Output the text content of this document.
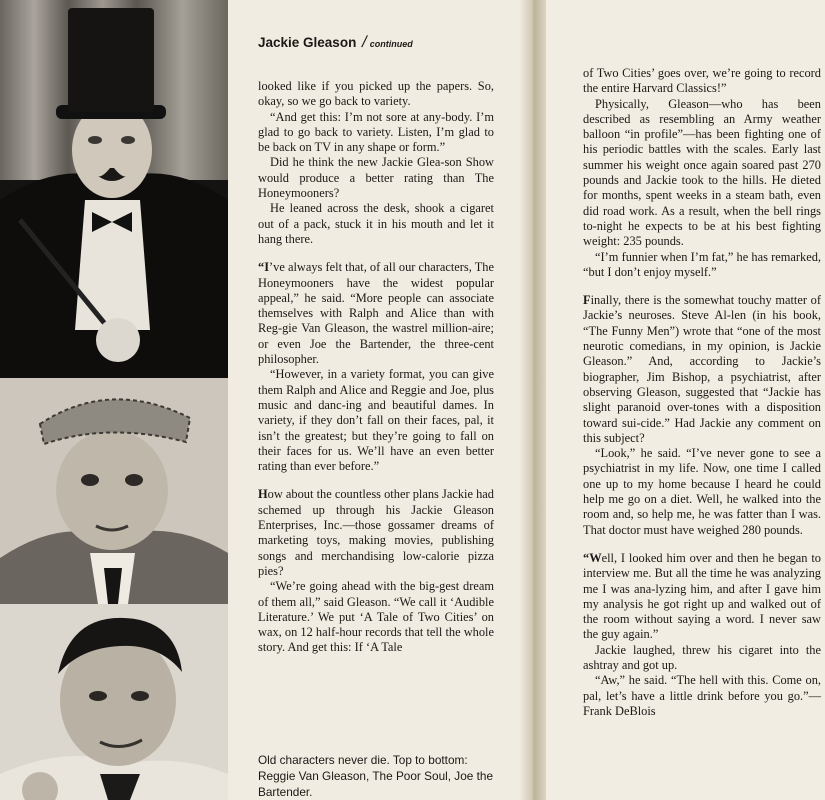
Jackie Gleason /continued

looked like if you picked up the papers. So, okay, so we go back to variety.

“And get this: I’m not sore at any-body. I’m glad to go back to variety. Listen, I’m glad to be back on TV in any shape or form.”

Did he think the new Jackie Glea-son Show would produce a better rating than The Honeymooners?

He leaned across the desk, shook a cigaret out of a pack, stuck it in his mouth and let it hang there.

“I’ve always felt that, of all our characters, The Honeymooners have the widest popular appeal,” he said. “More people can associate themselves with Ralph and Alice than with Reg-gie Van Gleason, the wastrel million-aire; or even Joe the Bartender, the three-cent philosopher.

“However, in a variety format, you can give them Ralph and Alice and Reggie and Joe, plus music and danc-ing and beautiful dames. In variety, if they don’t fall on their faces, pal, it isn’t the greatest; but they’re going to fall on their faces for us. We’ll have an even better rating than ever before.”

How about the countless other plans Jackie had schemed up through his Jackie Gleason Enterprises, Inc.—those gossamer dreams of marketing toys, making movies, publishing songs and merchandising low-calorie pizza pies?

“We’re going ahead with the big-gest dream of them all,” said Gleason. “We call it ‘Audible Literature.’ We put ‘A Tale of Two Cities’ on wax, on 12 half-hour records that tell the whole story. And get this: If ‘A Tale

of Two Cities’ goes over, we’re going to record the entire Harvard Classics!”

Physically, Gleason—who has been described as resembling an Army weather balloon “in profile”—has been fighting one of his periodic battles with the scales. Early last summer his weight once again soared past 270 pounds and Jackie took to the hills. He dieted for months, spent weeks in a steam bath, even did road work. As a result, when the bell rings to-night he expects to be at his best fighting weight: 235 pounds.

“I’m funnier when I’m fat,” he has remarked, “but I don’t enjoy myself.”

Finally, there is the somewhat touchy matter of Jackie’s neuroses. Steve Al-len (in his book, “The Funny Men”) wrote that “one of the most neurotic comedians, in my opinion, is Jackie Gleason.” And, according to Jackie’s biographer, Jim Bishop, a psychiatrist, after observing Gleason, suggested that “Jackie has slight paranoid over-tones with a disposition toward sui-cide.” Had Jackie any comment on this subject?

“Look,” he said. “I’ve never gone to see a psychiatrist in my life. Now, one time I called one up to my home because I heard he could help me go on a diet. Well, he walked into the room and, so help me, he was fatter than I was. That doctor must have weighed 280 pounds.

“Well, I looked him over and then he began to interview me. But all the time he was analyzing me I was ana-lyzing him, and after I gave him my analysis he got right up and walked out of the room without saying a word. I never saw the guy again.”

Jackie laughed, threw his cigaret into the ashtray and got up.

“Aw,” he said. “The hell with this. Come on, pal, let’s have a little drink before you go.”—Frank DeBlois

Old characters never die. Top to bottom: Reggie Van Gleason, The Poor Soul, Joe the Bartender.
